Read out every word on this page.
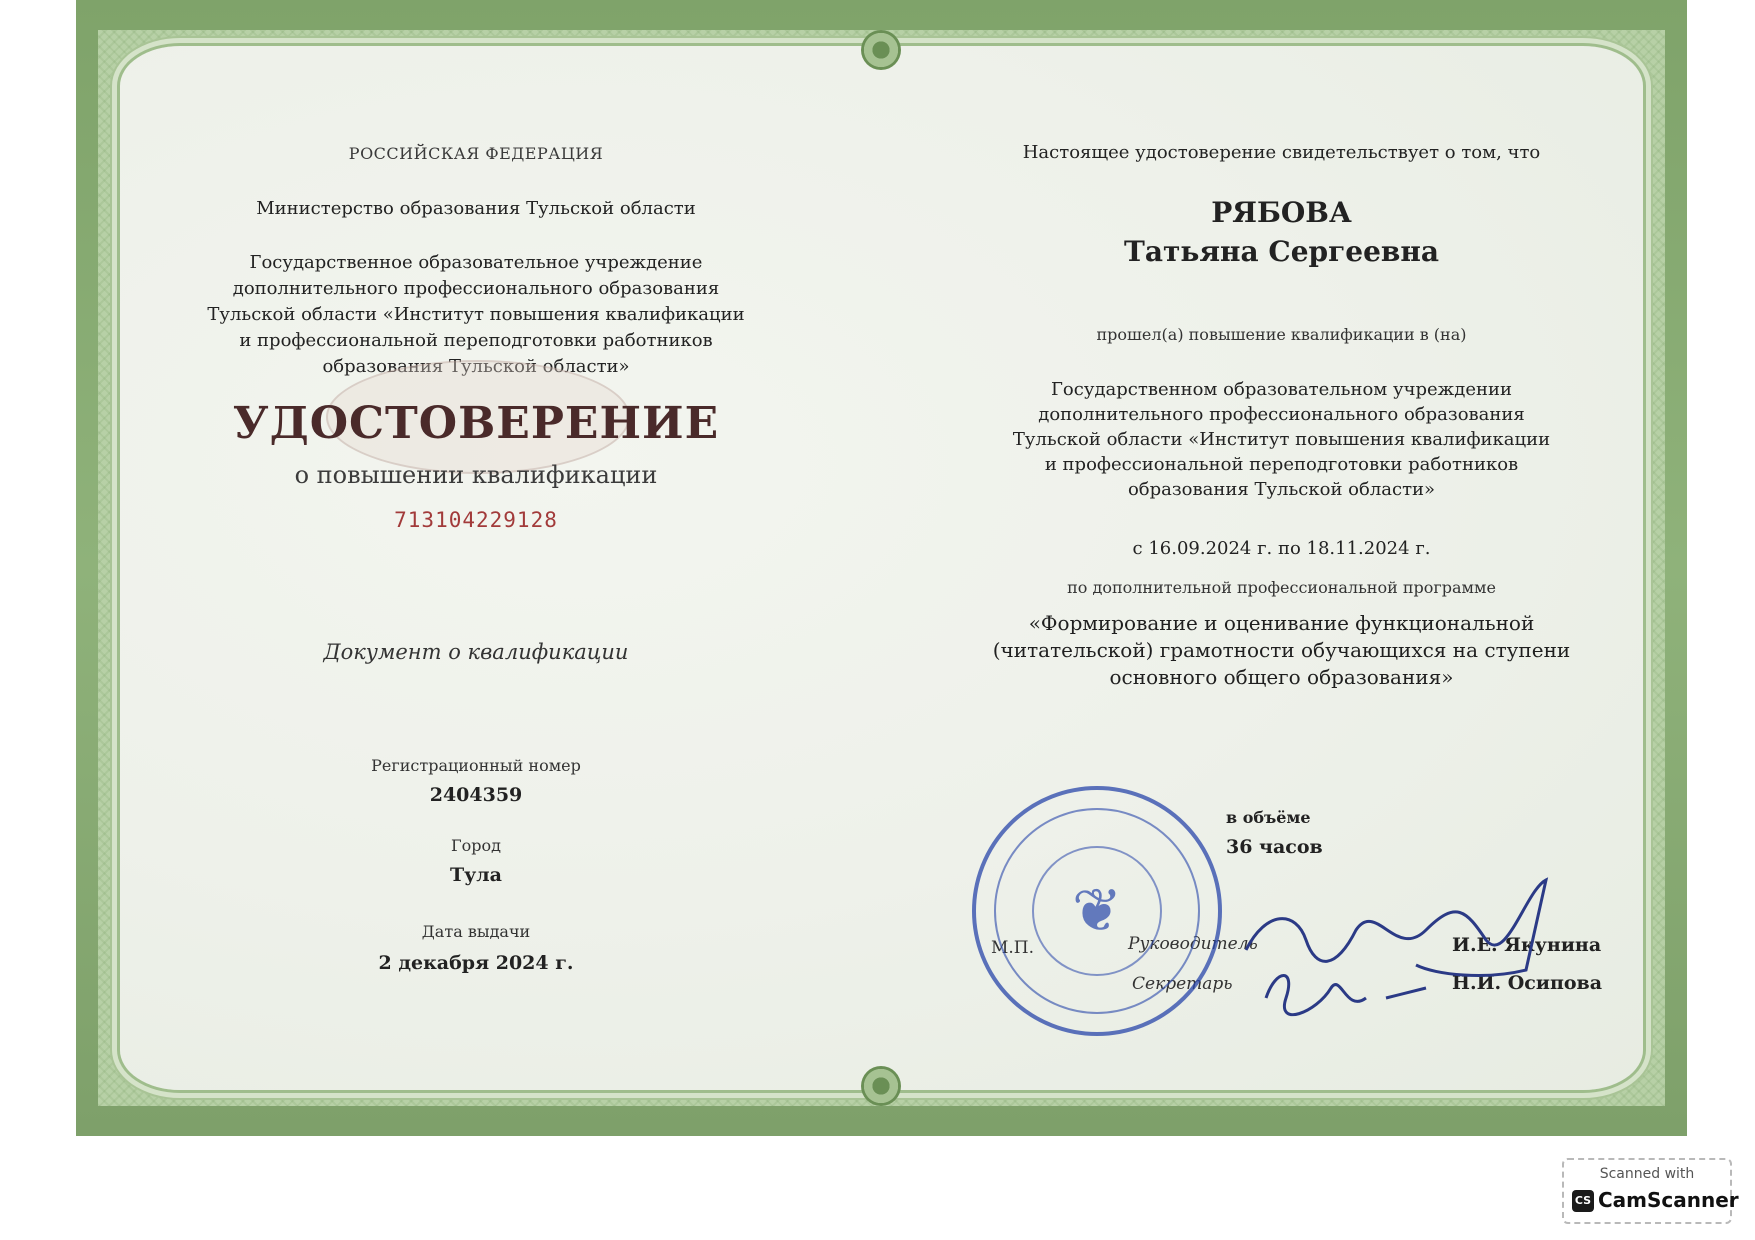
РОССИЙСКАЯ ФЕДЕРАЦИЯ
Министерство образования Тульской области
Государственное образовательное учреждение
дополнительного профессионального образования
Тульской области «Институт повышения квалификации
и профессиональной переподготовки работников
образования Тульской области»
УДОСТОВЕРЕНИЕ
о повышении квалификации
713104229128
Документ о квалификации
Регистрационный номер
2404359
Город
Тула
Дата выдачи
2 декабря 2024 г.
Настоящее удостоверение свидетельствует о том, что
РЯБОВА
Татьяна Сергеевна
прошел(а) повышение квалификации в (на)
Государственном образовательном учреждении
дополнительного профессионального образования
Тульской области «Институт повышения квалификации
и профессиональной переподготовки работников
образования Тульской области»
с 16.09.2024 г. по 18.11.2024 г.
по дополнительной профессиональной программе
«Формирование и оценивание функциональной
(читательской) грамотности обучающихся на ступени
основного общего образования»
в объёме
36 часов
М.П.	Руководитель	И.Е. Якунина
Секретарь	Н.И. Осипова
❦
Scanned with
CS CamScanner
